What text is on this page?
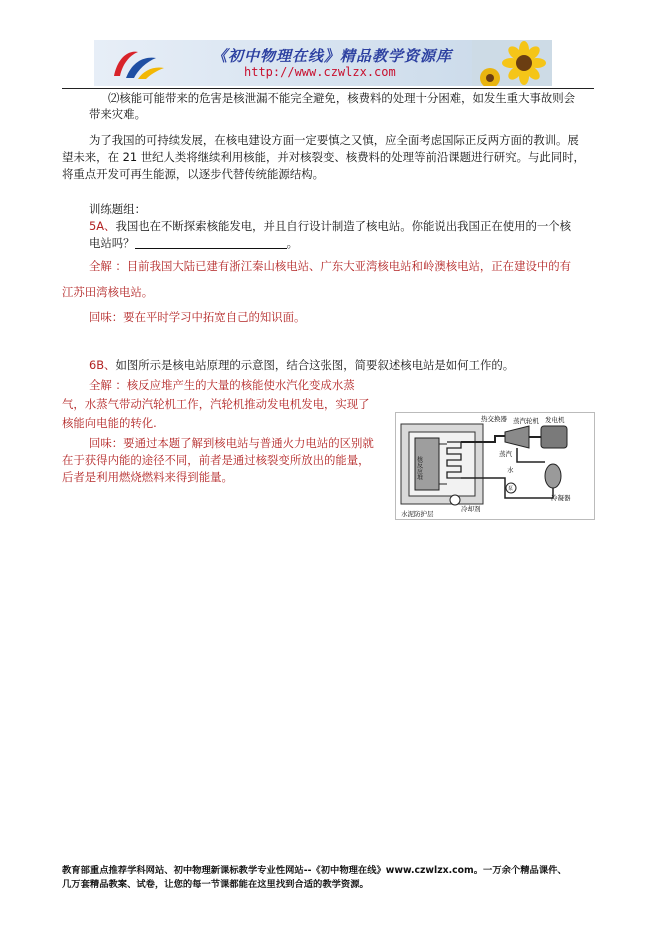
《初中物理在线》精品教学资源库
http://www.czwlzx.com
⑵核能可能带来的危害是核泄漏不能完全避免，核费料的处理十分困难，如发生重大事故则会
带来灾难。
为了我国的可持续发展，在核电建设方面一定要慎之又慎，应全面考虑国际正反两方面的教训。展
望未来，在 21 世纪人类将继续利用核能，并对核裂变、核费料的处理等前沿课题进行研究。与此同时，
将重点开发可再生能源，以逐步代替传统能源结构。
训练题组：
5A、我国也在不断探索核能发电，并且自行设计制造了核电站。你能说出我国正在使用的一个核
电站吗？	。
全解 ：目前我国大陆已建有浙江秦山核电站、广东大亚湾核电站和岭澳核电站，正在建设中的有
江苏田湾核电站。
回味：要在平时学习中拓宽自己的知识面。
6B、如图所示是核电站原理的示意图，结合这张图，简要叙述核电站是如何工作的。
全解 ：核反应堆产生的大量的核能使水汽化变成水蒸
气，水蒸气带动汽轮机工作，汽轮机推动发电机发电，实现了
核能向电能的转化.
回味：要通过本题了解到核电站与普通火力电站的区别就
在于获得内能的途径不同，前者是通过核裂变所放出的能量，
后者是利用燃烧燃料来得到能量。	核反应堆
热交换器 蒸汽轮机 发电机
蒸汽
水
泵
冷凝器
冷却剂
水泥防护层
教育部重点推荐学科网站、初中物理新课标教学专业性网站--《初中物理在线》www.czwlzx.com。一万余个精品课件、
几万套精品教案、试卷，让您的每一节课都能在这里找到合适的教学资源。
